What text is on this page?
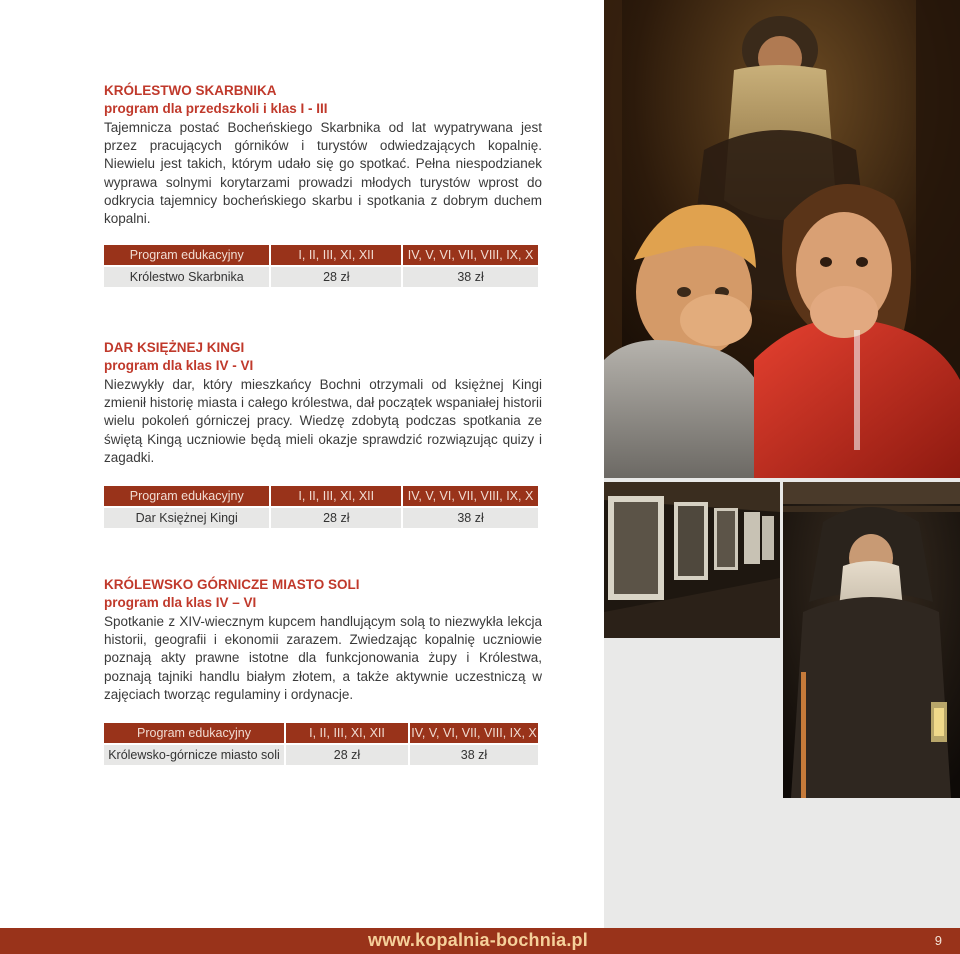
KRÓLESTWO SKARBNIKA
program dla przedszkoli i klas I - III
Tajemnicza postać Bocheńskiego Skarbnika od lat wypatrywana jest przez pracujących górników i turystów odwiedzających kopalnię. Niewielu jest takich, którym udało się go spotkać. Pełna niespodzianek wyprawa solnymi korytarzami prowadzi młodych turystów wprost do odkrycia tajemnicy bocheńskiego skarbu i spotkania z dobrym duchem kopalni.
Program edukacyjny	I, II, III, XI, XII	IV, V, VI, VII, VIII, IX, X
Królestwo Skarbnika	28 zł	38 zł
DAR KSIĘŻNEJ KINGI
program dla klas IV - VI
Niezwykły dar, który mieszkańcy Bochni otrzymali od księżnej Kingi zmienił historię miasta i całego królestwa, dał początek wspaniałej historii wielu pokoleń górniczej pracy. Wiedzę zdobytą podczas spotkania ze świętą Kingą uczniowie będą mieli okazje sprawdzić rozwiązując quizy i zagadki.
Program edukacyjny	I, II, III, XI, XII	IV, V, VI, VII, VIII, IX, X
Dar Księżnej Kingi	28 zł	38 zł
KRÓLEWSKO GÓRNICZE MIASTO SOLI
program dla klas IV – VI
Spotkanie z XIV-wiecznym kupcem handlującym solą to niezwykła lekcja historii, geografii i ekonomii zarazem. Zwiedzając kopalnię uczniowie poznają akty prawne istotne dla funkcjonowania żupy i Królestwa, poznają tajniki handlu białym złotem, a także aktywnie uczestniczą w zajęciach tworząc regulaminy i ordynacje.
Program edukacyjny	I, II, III, XI, XII	IV, V, VI, VII, VIII, IX, X
Królewsko-górnicze miasto soli	28 zł	38 zł
www.kopalnia-bochnia.pl	9
